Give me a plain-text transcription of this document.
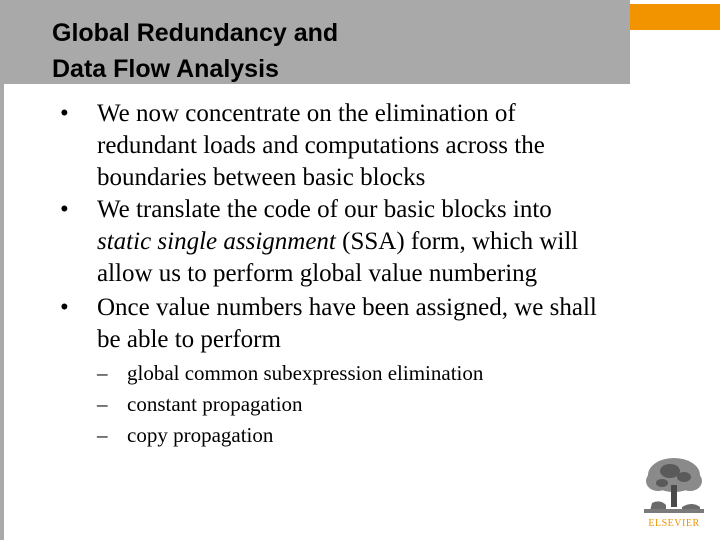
Global Redundancy and
Data Flow Analysis
• We now concentrate on the elimination of
redundant loads and computations across the
boundaries between basic blocks
• We translate the code of our basic blocks into
static single assignment (SSA) form, which will
allow us to perform global value numbering
• Once value numbers have been assigned, we shall
be able to perform
– global common subexpression elimination
– constant propagation
– copy propagation
ELSEVIER
